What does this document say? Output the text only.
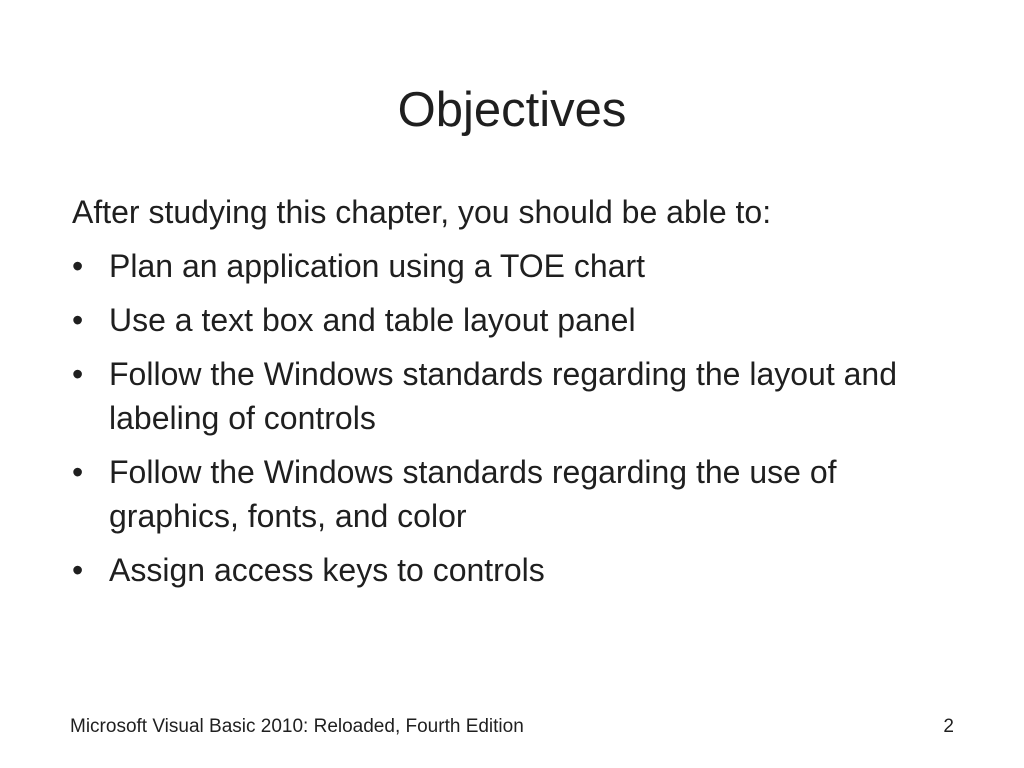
Objectives

After studying this chapter, you should be able to:

• Plan an application using a TOE chart
• Use a text box and table layout panel
• Follow the Windows standards regarding the layout and labeling of controls
• Follow the Windows standards regarding the use of graphics, fonts, and color
• Assign access keys to controls
Microsoft Visual Basic 2010: Reloaded, Fourth Edition	2
